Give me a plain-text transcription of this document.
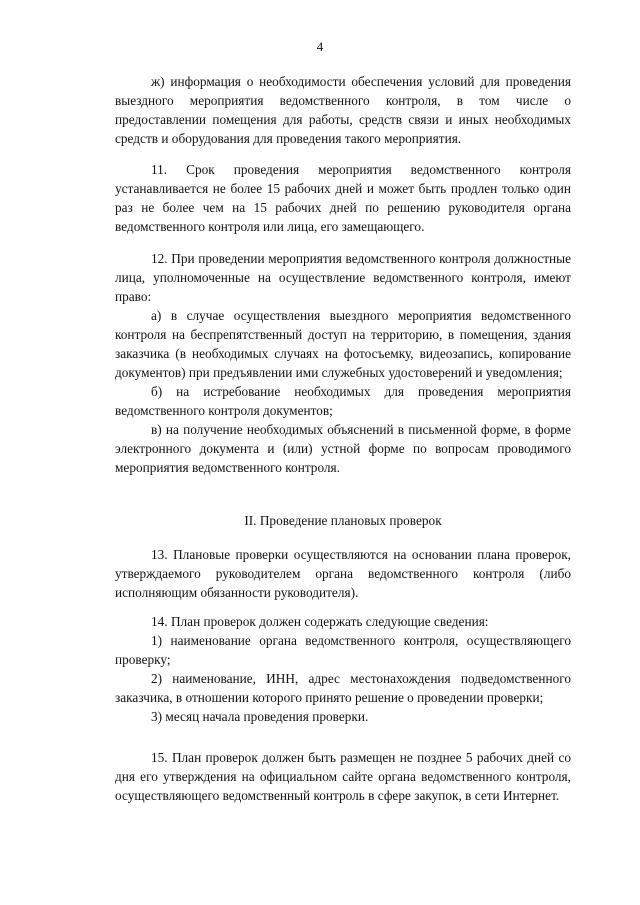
4

ж) информация о необходимости обеспечения условий для проведения выездного мероприятия ведомственного контроля, в том числе о предоставлении помещения для работы, средств связи и иных необходимых средств и оборудования для проведения такого мероприятия.

11. Срок проведения мероприятия ведомственного контроля устанавливается не более 15 рабочих дней и может быть продлен только один раз не более чем на 15 рабочих дней по решению руководителя органа ведомственного контроля или лица, его замещающего.

12. При проведении мероприятия ведомственного контроля должностные лица, уполномоченные на осуществление ведомственного контроля, имеют право:

а) в случае осуществления выездного мероприятия ведомственного контроля на беспрепятственный доступ на территорию, в помещения, здания заказчика (в необходимых случаях на фотосъемку, видеозапись, копирование документов) при предъявлении ими служебных удостоверений и уведомления;

б) на истребование необходимых для проведения мероприятия ведомственного контроля документов;

в) на получение необходимых объяснений в письменной форме, в форме электронного документа и (или) устной форме по вопросам проводимого мероприятия ведомственного контроля.

II. Проведение плановых проверок

13. Плановые проверки осуществляются на основании плана проверок, утверждаемого руководителем органа ведомственного контроля (либо исполняющим обязанности руководителя).

14. План проверок должен содержать следующие сведения:

1) наименование органа ведомственного контроля, осуществляющего проверку;

2) наименование, ИНН, адрес местонахождения подведомственного заказчика, в отношении которого принято решение о проведении проверки;

3) месяц начала проведения проверки.

15. План проверок должен быть размещен не позднее 5 рабочих дней со дня его утверждения на официальном сайте органа ведомственного контроля, осуществляющего ведомственный контроль в сфере закупок, в сети Интернет.
